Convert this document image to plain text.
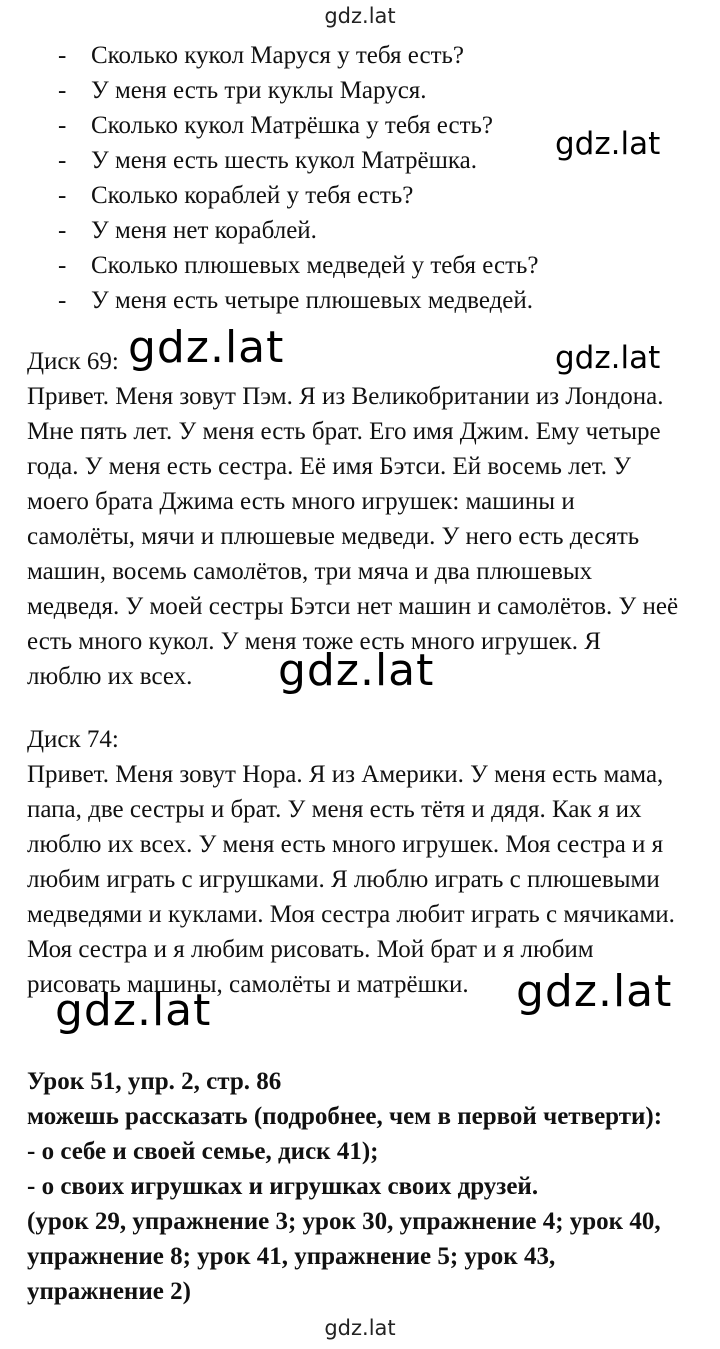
gdz.lat
- Сколько кукол Маруся у тебя есть?
- У меня есть три куклы Маруся.
- Сколько кукол Матрёшка у тебя есть?
- У меня есть шесть кукол Матрёшка.
- Сколько кораблей у тебя есть?
- У меня нет кораблей.
- Сколько плюшевых медведей у тебя есть?
- У меня есть четыре плюшевых медведей.
gdz.lat
Диск 69:
Привет. Меня зовут Пэм. Я из Великобритании из Лондона.
Мне пять лет. У меня есть брат. Его имя Джим. Ему четыре
года. У меня есть сестра. Её имя Бэтси. Ей восемь лет. У
моего брата Джима есть много игрушек: машины и
самолёты, мячи и плюшевые медведи. У него есть десять
машин, восемь самолётов, три мяча и два плюшевых
медведя. У моей сестры Бэтси нет машин и самолётов. У неё
есть много кукол. У меня тоже есть много игрушек. Я
люблю их всех.
gdz.lat	gdz.lat
gdz.lat
Диск 74:
Привет. Меня зовут Нора. Я из Америки. У меня есть мама,
папа, две сестры и брат. У меня есть тётя и дядя. Как я их
люблю их всех. У меня есть много игрушек. Моя сестра и я
любим играть с игрушками. Я люблю играть с плюшевыми
медведями и куклами. Моя сестра любит играть с мячиками.
Моя сестра и я любим рисовать. Мой брат и я любим
рисовать машины, самолёты и матрёшки.	gdz.lat
gdz.lat
Урок 51, упр. 2, стр. 86
можешь рассказать (подробнее, чем в первой четверти):
- о себе и своей семье, диск 41);
- о своих игрушках и игрушках своих друзей.
(урок 29, упражнение 3; урок 30, упражнение 4; урок 40,
упражнение 8; урок 41, упражнение 5; урок 43,
упражнение 2)
gdz.lat
